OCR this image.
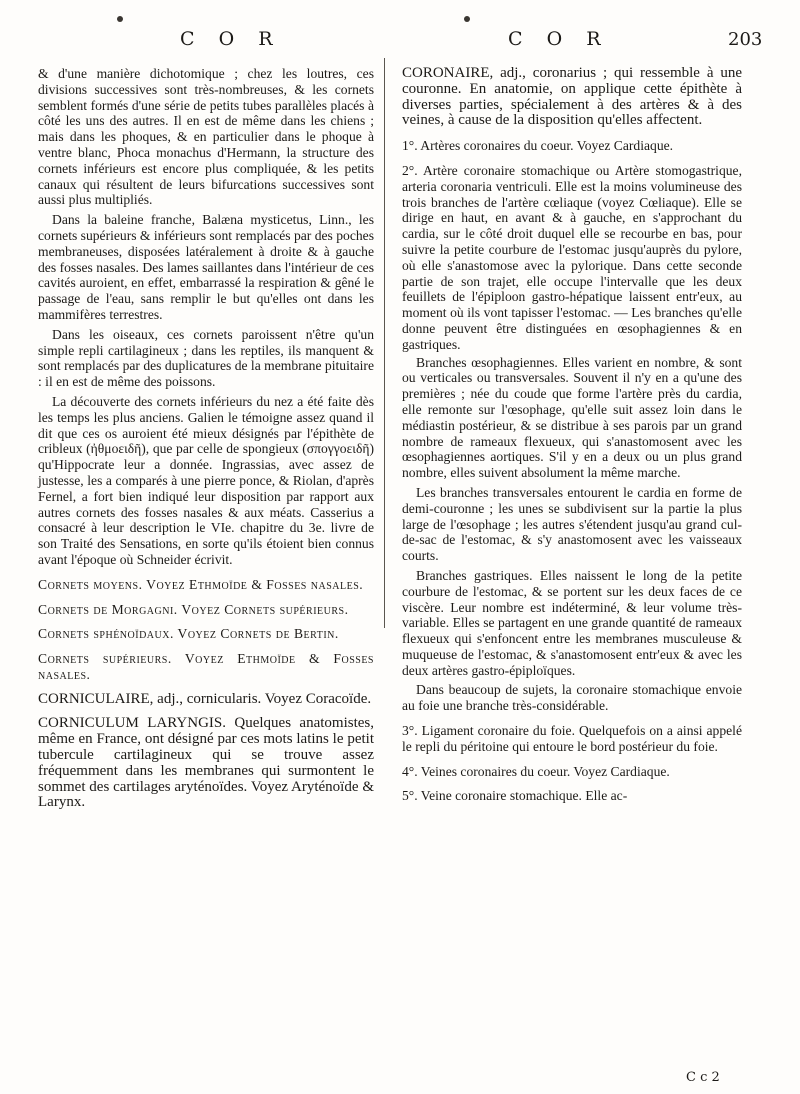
C O R	C O R	203

& d'une manière dichotomique ; chez les loutres, ces divisions successives sont très-nombreuses, & les cornets semblent formés d'une série de petits tubes parallèles placés à côté les uns des autres. Il en est de même dans les chiens ; mais dans les phoques, & en particulier dans le phoque à ventre blanc, Phoca monachus d'Hermann, la structure des cornets inférieurs est encore plus compliquée, & les petits canaux qui résultent de leurs bifurcations successives sont aussi plus multipliés.

Dans la baleine franche, Balæna mysticetus, Linn., les cornets supérieurs & inférieurs sont remplacés par des poches membraneuses, disposées latéralement à droite & à gauche des fosses nasales. Des lames saillantes dans l'intérieur de ces cavités auroient, en effet, embarrassé la respiration & gêné le passage de l'eau, sans remplir le but qu'elles ont dans les mammifères terrestres.

Dans les oiseaux, ces cornets paroissent n'être qu'un simple repli cartilagineux ; dans les reptiles, ils manquent & sont remplacés par des duplicatures de la membrane pituitaire : il en est de même des poissons.

La découverte des cornets inférieurs du nez a été faite dès les temps les plus anciens. Galien le témoigne assez quand il dit que ces os auroient été mieux désignés par l'épithète de cribleux (ἠθμοειδῆ), que par celle de spongieux (σπογγοειδῆ) qu'Hippocrate leur a donnée. Ingrassias, avec assez de justesse, les a comparés à une pierre ponce, & Riolan, d'après Fernel, a fort bien indiqué leur disposition par rapport aux autres cornets des fosses nasales & aux méats. Casserius a consacré à leur description le VIe. chapitre du 3e. livre de son Traité des Sensations, en sorte qu'ils étoient bien connus avant l'époque où Schneider écrivit.

Cornets moyens. Voyez Ethmoïde & Fosses nasales.

Cornets de Morgagni. Voyez Cornets supérieurs.

Cornets sphénoïdaux. Voyez Cornets de Bertin.

Cornets supérieurs. Voyez Ethmoïde & Fosses nasales.

CORNICULAIRE, adj., cornicularis. Voyez Coracoïde.

CORNICULUM LARYNGIS. Quelques anatomistes, même en France, ont désigné par ces mots latins le petit tubercule cartilagineux qui se trouve assez fréquemment dans les membranes qui surmontent le sommet des cartilages aryténoïdes. Voyez Aryténoïde & Larynx.

CORONAIRE, adj., coronarius ; qui ressemble à une couronne. En anatomie, on applique cette épithète à diverses parties, spécialement à des artères & à des veines, à cause de la disposition qu'elles affectent.

1°. Artères coronaires du coeur. Voyez Cardiaque.

2°. Artère coronaire stomachique ou Artère stomogastrique, arteria coronaria ventriculi. Elle est la moins volumineuse des trois branches de l'artère cœliaque (voyez Cœliaque). Elle se dirige en haut, en avant & à gauche, en s'approchant du cardia, sur le côté droit duquel elle se recourbe en bas, pour suivre la petite courbure de l'estomac jusqu'auprès du pylore, où elle s'anastomose avec la pylorique. Dans cette seconde partie de son trajet, elle occupe l'intervalle que les deux feuillets de l'épiploon gastro-hépatique laissent entr'eux, au moment où ils vont tapisser l'estomac. — Les branches qu'elle donne peuvent être distinguées en œsophagiennes & en gastriques.

Branches œsophagiennes. Elles varient en nombre, & sont ou verticales ou transversales. Souvent il n'y en a qu'une des premières ; née du coude que forme l'artère près du cardia, elle remonte sur l'œsophage, qu'elle suit assez loin dans le médiastin postérieur, & se distribue à ses parois par un grand nombre de rameaux flexueux, qui s'anastomosent avec les œsophagiennes aortiques. S'il y en a deux ou un plus grand nombre, elles suivent absolument la même marche.

Les branches transversales entourent le cardia en forme de demi-couronne ; les unes se subdivisent sur la partie la plus large de l'œsophage ; les autres s'étendent jusqu'au grand cul-de-sac de l'estomac, & s'y anastomosent avec les vaisseaux courts.

Branches gastriques. Elles naissent le long de la petite courbure de l'estomac, & se portent sur les deux faces de ce viscère. Leur nombre est indéterminé, & leur volume très-variable. Elles se partagent en une grande quantité de rameaux flexueux qui s'enfoncent entre les membranes musculeuse & muqueuse de l'estomac, & s'anastomosent entr'eux & avec les deux artères gastro-épiploïques.

Dans beaucoup de sujets, la coronaire stomachique envoie au foie une branche très-considérable.

3°. Ligament coronaire du foie. Quelquefois on a ainsi appelé le repli du péritoine qui entoure le bord postérieur du foie.

4°. Veines coronaires du coeur. Voyez Cardiaque.

5°. Veine coronaire stomachique. Elle ac-

C c 2
